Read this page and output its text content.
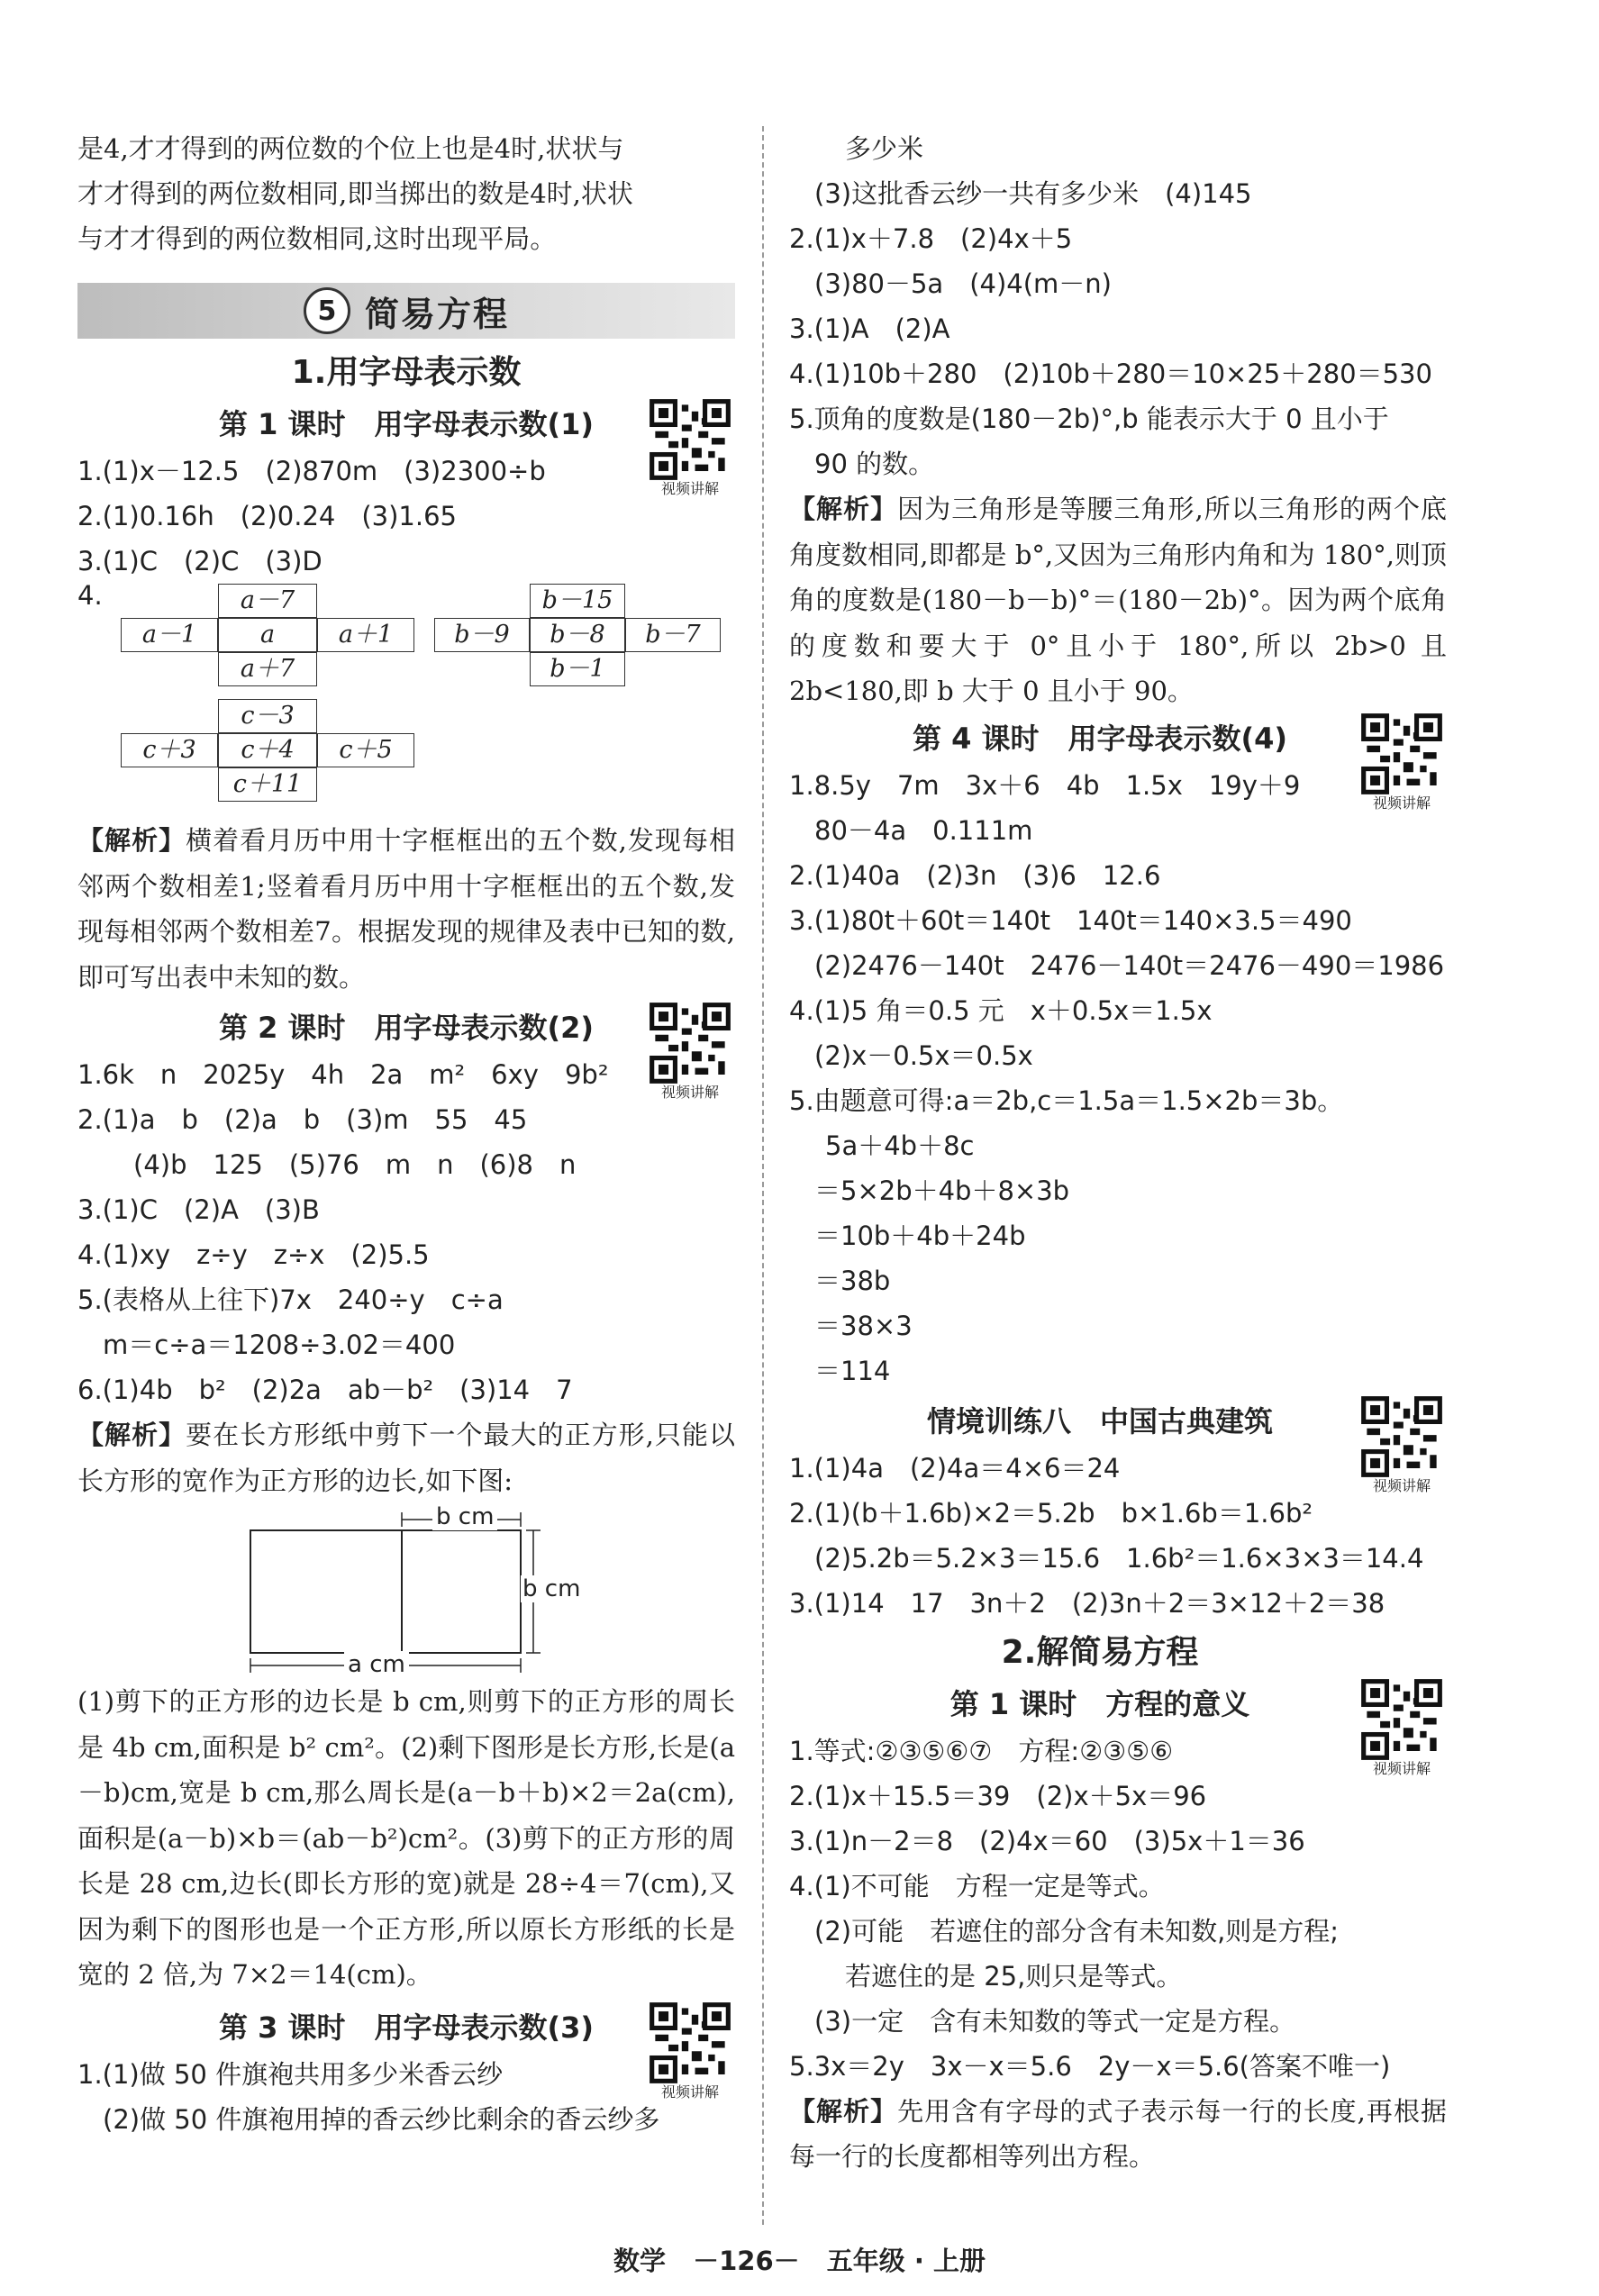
是4,才才得到的两位数的个位上也是4时,状状与
才才得到的两位数相同,即当掷出的数是4时,状状
与才才得到的两位数相同,这时出现平局。
5 简易方程
1.用字母表示数
第 1 课时　用字母表示数(1)
视频讲解
1.(1)x－12.5　(2)870m　(3)2300÷b
2.(1)0.16h　(2)0.24　(3)1.65
3.(1)C　(2)C　(3)D
4.	a－7
a－1	a	a＋1
a＋7
b－15
b－9	b－8	b－7
b－1
c－3
c＋3	c＋4	c＋5
c＋11
【解析】横着看月历中用十字框框出的五个数,发现每相邻两个数相差1;竖着看月历中用十字框框出的五个数,发现每相邻两个数相差7。根据发现的规律及表中已知的数,即可写出表中未知的数。
第 2 课时　用字母表示数(2)
视频讲解
1.6k　n　2025y　4h　2a　m²　6xy　9b²
2.(1)a　b　(2)a　b　(3)m　55　45
(4)b　125　(5)76　m　n　(6)8　n
3.(1)C　(2)A　(3)B
4.(1)xy　z÷y　z÷x　(2)5.5
5.(表格从上往下)7x　240÷y　c÷a
m＝c÷a＝1208÷3.02＝400
6.(1)4b　b²　(2)2a　ab－b²　(3)14　7
【解析】要在长方形纸中剪下一个最大的正方形,只能以长方形的宽作为正方形的边长,如下图:
b cm
b cm
a cm
(1)剪下的正方形的边长是 b cm,则剪下的正方形的周长是 4b cm,面积是 b² cm²。(2)剩下图形是长方形,长是(a－b)cm,宽是 b cm,那么周长是(a－b＋b)×2＝2a(cm),面积是(a－b)×b＝(ab－b²)cm²。(3)剪下的正方形的周长是 28 cm,边长(即长方形的宽)就是 28÷4＝7(cm),又因为剩下的图形也是一个正方形,所以原长方形纸的长是宽的 2 倍,为 7×2＝14(cm)。
第 3 课时　用字母表示数(3)
视频讲解
1.(1)做 50 件旗袍共用多少米香云纱
(2)做 50 件旗袍用掉的香云纱比剩余的香云纱多
多少米
(3)这批香云纱一共有多少米　(4)145
2.(1)x＋7.8　(2)4x＋5
(3)80－5a　(4)4(m－n)
3.(1)A　(2)A
4.(1)10b＋280　(2)10b＋280＝10×25＋280＝530
5.顶角的度数是(180－2b)°,b 能表示大于 0 且小于
90 的数。
【解析】因为三角形是等腰三角形,所以三角形的两个底角度数相同,即都是 b°,又因为三角形内角和为 180°,则顶角的度数是(180－b－b)°＝(180－2b)°。因为两个底角的度数和要大于 0°且小于 180°,所以 2b>0 且 2b<180,即 b 大于 0 且小于 90。
第 4 课时　用字母表示数(4)
视频讲解
1.8.5y　7m　3x＋6　4b　1.5x　19y＋9
80－4a　0.111m
2.(1)40a　(2)3n　(3)6　12.6
3.(1)80t＋60t＝140t　140t＝140×3.5＝490
(2)2476－140t　2476－140t＝2476－490＝1986
4.(1)5 角＝0.5 元　x＋0.5x＝1.5x
(2)x－0.5x＝0.5x
5.由题意可得:a＝2b,c＝1.5a＝1.5×2b＝3b。
5a＋4b＋8c
＝5×2b＋4b＋8×3b
＝10b＋4b＋24b
＝38b
＝38×3
＝114
情境训练八　中国古典建筑
视频讲解
1.(1)4a　(2)4a＝4×6＝24
2.(1)(b＋1.6b)×2＝5.2b　b×1.6b＝1.6b²
(2)5.2b＝5.2×3＝15.6　1.6b²＝1.6×3×3＝14.4
3.(1)14　17　3n＋2　(2)3n＋2＝3×12＋2＝38
2.解简易方程
第 1 课时　方程的意义
视频讲解
1.等式:②③⑤⑥⑦　方程:②③⑤⑥
2.(1)x＋15.5＝39　(2)x＋5x＝96
3.(1)n－2＝8　(2)4x＝60　(3)5x＋1＝36
4.(1)不可能　方程一定是等式。
(2)可能　若遮住的部分含有未知数,则是方程;
若遮住的是 25,则只是等式。
(3)一定　含有未知数的等式一定是方程。
5.3x＝2y　3x－x＝5.6　2y－x＝5.6(答案不唯一)
【解析】先用含有字母的式子表示每一行的长度,再根据每一行的长度都相等列出方程。
数学 －126－ 五年级 · 上册
